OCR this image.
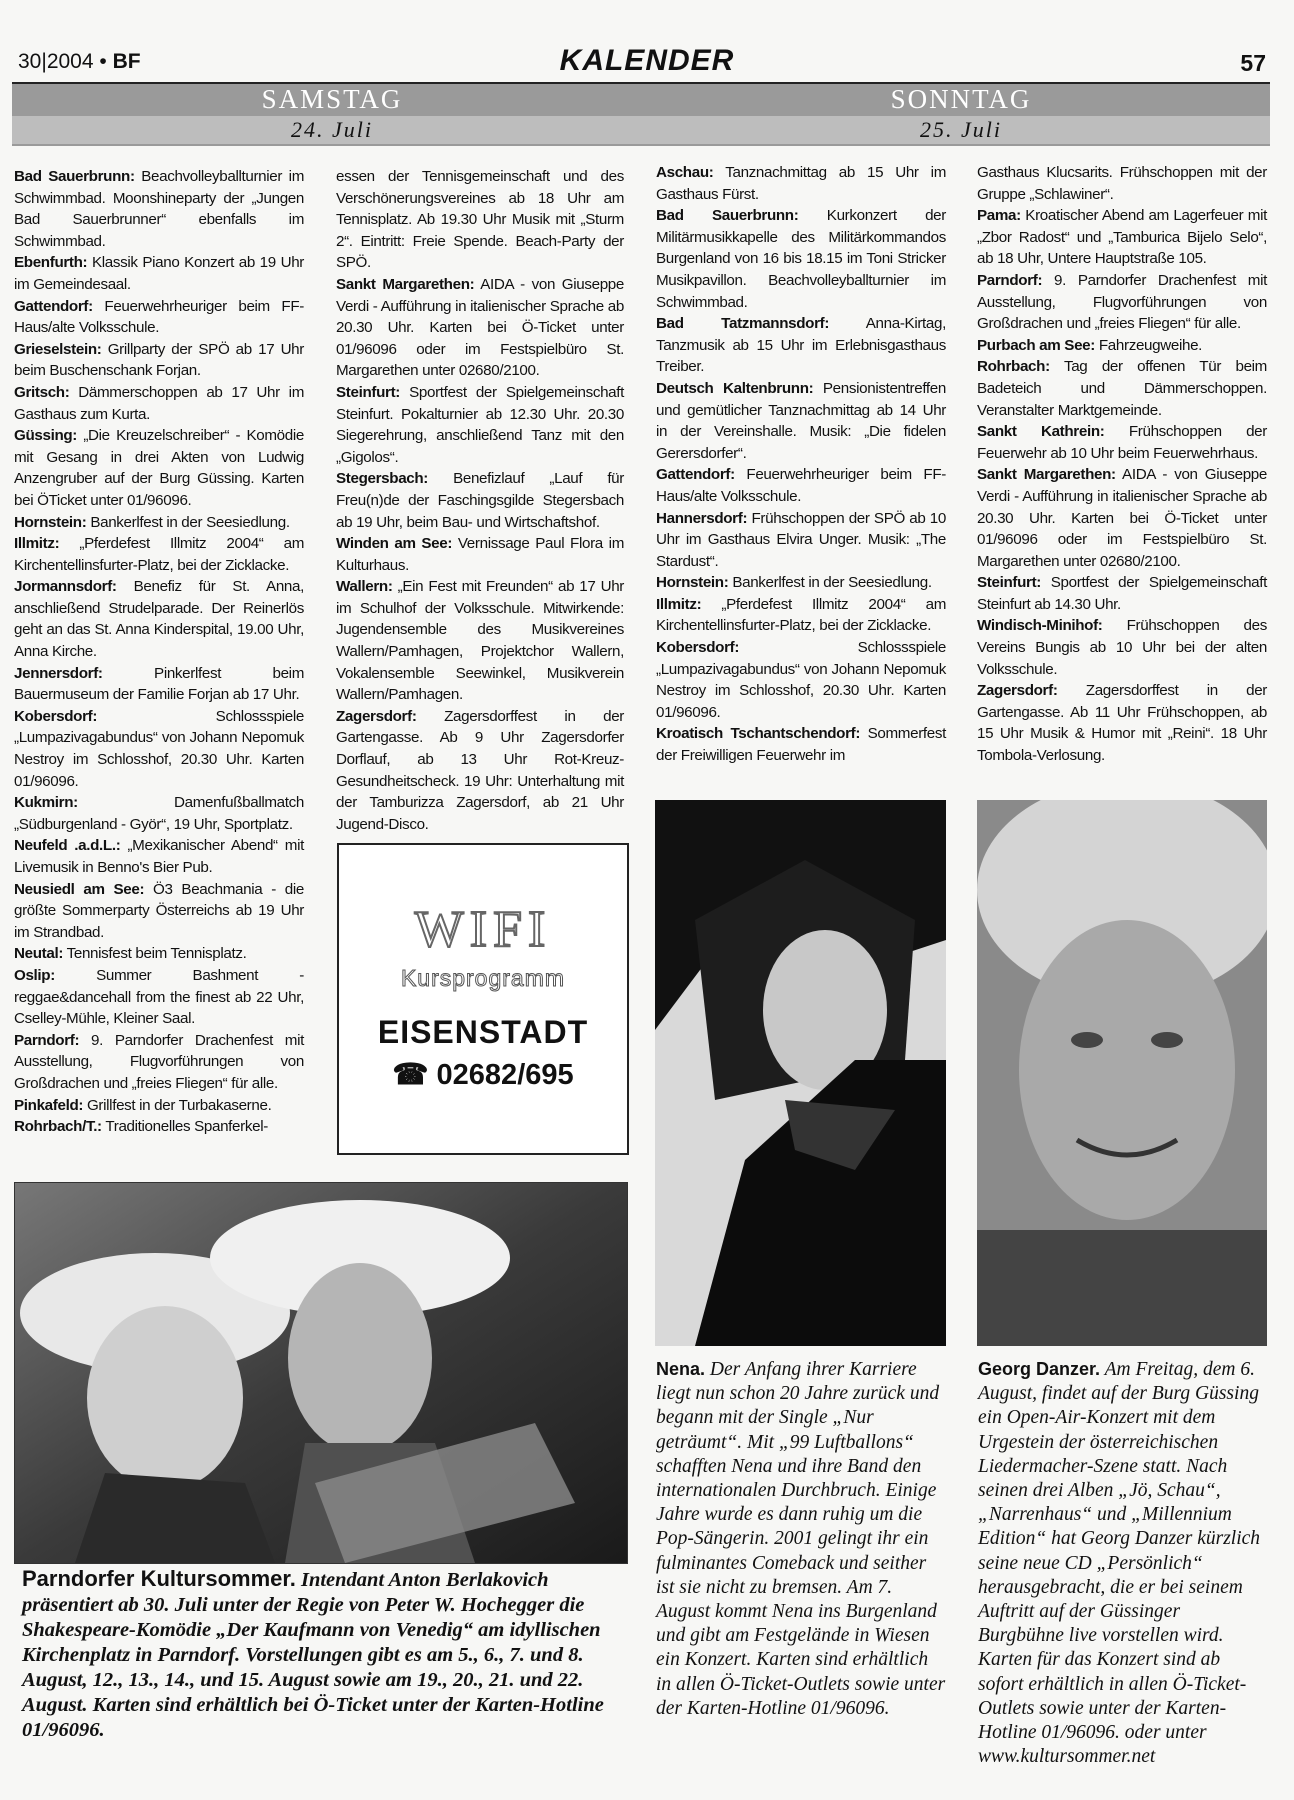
30|2004 • BF	KALENDER	57
SAMSTAG
24. Juli
SONNTAG
25. Juli

Bad Sauerbrunn: Beachvolleyballturnier im Schwimmbad. Moonshineparty der „Jungen Bad Sauerbrunner“ ebenfalls im Schwimmbad.

Ebenfurth: Klassik Piano Konzert ab 19 Uhr im Gemeindesaal.

Gattendorf: Feuerwehrheuriger beim FF-Haus/alte Volksschule.

Grieselstein: Grillparty der SPÖ ab 17 Uhr beim Buschenschank Forjan.

Gritsch: Dämmerschoppen ab 17 Uhr im Gasthaus zum Kurta.

Güssing: „Die Kreuzelschreiber“ - Komödie mit Gesang in drei Akten von Ludwig Anzengruber auf der Burg Güssing. Karten bei ÖTicket unter 01/96096.

Hornstein: Bankerlfest in der Seesiedlung.

Illmitz: „Pferdefest Illmitz 2004“ am Kirchentellinsfurter-Platz, bei der Zicklacke.

Jormannsdorf: Benefiz für St. Anna, anschließend Strudelparade. Der Reinerlös geht an das St. Anna Kinderspital, 19.00 Uhr, Anna Kirche.

Jennersdorf: Pinkerlfest beim Bauermuseum der Familie Forjan ab 17 Uhr.

Kobersdorf: Schlossspiele „Lumpazivagabundus“ von Johann Nepomuk Nestroy im Schlosshof, 20.30 Uhr. Karten 01/96096.

Kukmirn: Damenfußballmatch „Südburgenland - Györ“, 19 Uhr, Sportplatz.

Neufeld .a.d.L.: „Mexikanischer Abend“ mit Livemusik in Benno's Bier Pub.

Neusiedl am See: Ö3 Beachmania - die größte Sommerparty Österreichs ab 19 Uhr im Strandbad.

Neutal: Tennisfest beim Tennisplatz.

Oslip: Summer Bashment - reggae&dancehall from the finest ab 22 Uhr, Cselley-Mühle, Kleiner Saal.

Parndorf: 9. Parndorfer Drachenfest mit Ausstellung, Flugvorführungen von Großdrachen und „freies Fliegen“ für alle.

Pinkafeld: Grillfest in der Turbakaserne.

Rohrbach/T.: Traditionelles Spanferkel-

essen der Tennisgemeinschaft und des Verschönerungsvereines ab 18 Uhr am Tennisplatz. Ab 19.30 Uhr Musik mit „Sturm 2“. Eintritt: Freie Spende. Beach-Party der SPÖ.

Sankt Margarethen: AIDA - von Giuseppe Verdi - Aufführung in italienischer Sprache ab 20.30 Uhr. Karten bei Ö-Ticket unter 01/96096 oder im Festspielbüro St. Margarethen unter 02680/2100.

Steinfurt: Sportfest der Spielgemeinschaft Steinfurt. Pokalturnier ab 12.30 Uhr. 20.30 Siegerehrung, anschließend Tanz mit den „Gigolos“.

Stegersbach: Benefizlauf „Lauf für Freu(n)de der Faschingsgilde Stegersbach ab 19 Uhr, beim Bau- und Wirtschaftshof.

Winden am See: Vernissage Paul Flora im Kulturhaus.

Wallern: „Ein Fest mit Freunden“ ab 17 Uhr im Schulhof der Volksschule. Mitwirkende: Jugendensemble des Musikvereines Wallern/Pamhagen, Projektchor Wallern, Vokalensemble Seewinkel, Musikverein Wallern/Pamhagen.

Zagersdorf: Zagersdorffest in der Gartengasse. Ab 9 Uhr Zagersdorfer Dorflauf, ab 13 Uhr Rot-Kreuz-Gesundheitscheck. 19 Uhr: Unterhaltung mit der Tamburizza Zagersdorf, ab 21 Uhr Jugend-Disco.

Aschau: Tanznachmittag ab 15 Uhr im Gasthaus Fürst.

Bad Sauerbrunn: Kurkonzert der Militärmusikkapelle des Militärkommandos Burgenland von 16 bis 18.15 im Toni Stricker Musikpavillon. Beachvolleyballturnier im Schwimmbad.

Bad Tatzmannsdorf: Anna-Kirtag, Tanzmusik ab 15 Uhr im Erlebnisgasthaus Treiber.

Deutsch Kaltenbrunn: Pensionistentreffen und gemütlicher Tanznachmittag ab 14 Uhr in der Vereinshalle. Musik: „Die fidelen Gerersdorfer“.

Gattendorf: Feuerwehrheuriger beim FF-Haus/alte Volksschule.

Hannersdorf: Frühschoppen der SPÖ ab 10 Uhr im Gasthaus Elvira Unger. Musik: „The Stardust“.

Hornstein: Bankerlfest in der Seesiedlung.

Illmitz: „Pferdefest Illmitz 2004“ am Kirchentellinsfurter-Platz, bei der Zicklacke.

Kobersdorf: Schlossspiele „Lumpazivagabundus“ von Johann Nepomuk Nestroy im Schlosshof, 20.30 Uhr. Karten 01/96096.

Kroatisch Tschantschendorf: Sommerfest der Freiwilligen Feuerwehr im

Gasthaus Klucsarits. Frühschoppen mit der Gruppe „Schlawiner“.

Pama: Kroatischer Abend am Lagerfeuer mit „Zbor Radost“ und „Tamburica Bijelo Selo“, ab 18 Uhr, Untere Hauptstraße 105.

Parndorf: 9. Parndorfer Drachenfest mit Ausstellung, Flugvorführungen von Großdrachen und „freies Fliegen“ für alle.

Purbach am See: Fahrzeugweihe.

Rohrbach: Tag der offenen Tür beim Badeteich und Dämmerschoppen. Veranstalter Marktgemeinde.

Sankt Kathrein: Frühschoppen der Feuerwehr ab 10 Uhr beim Feuerwehrhaus.

Sankt Margarethen: AIDA - von Giuseppe Verdi - Aufführung in italienischer Sprache ab 20.30 Uhr. Karten bei Ö-Ticket unter 01/96096 oder im Festspielbüro St. Margarethen unter 02680/2100.

Steinfurt: Sportfest der Spielgemeinschaft Steinfurt ab 14.30 Uhr.

Windisch-Minihof: Frühschoppen des Vereins Bungis ab 10 Uhr bei der alten Volksschule.

Zagersdorf: Zagersdorffest in der Gartengasse. Ab 11 Uhr Frühschoppen, ab 15 Uhr Musik & Humor mit „Reini“. 18 Uhr Tombola-Verlosung.

WIFI
Kursprogramm
EISENSTADT
☎ 02682/695
Parndorfer Kultursommer. Intendant Anton Berlakovich präsentiert ab 30. Juli unter der Regie von Peter W. Hochegger die Shakespeare-Komödie „Der Kaufmann von Venedig“ am idyllischen Kirchenplatz in Parndorf. Vorstellungen gibt es am 5., 6., 7. und 8. August, 12., 13., 14., und 15. August sowie am 19., 20., 21. und 22. August. Karten sind erhältlich bei Ö-Ticket unter der Karten-Hotline 01/96096.
Nena. Der Anfang ihrer Karriere liegt nun schon 20 Jahre zurück und begann mit der Single „Nur geträumt“. Mit „99 Luftballons“ schafften Nena und ihre Band den internationalen Durchbruch. Einige Jahre wurde es dann ruhig um die Pop-Sängerin. 2001 gelingt ihr ein fulminantes Comeback und seither ist sie nicht zu bremsen. Am 7. August kommt Nena ins Burgenland und gibt am Festgelände in Wiesen ein Konzert. Karten sind erhältlich in allen Ö-Ticket-Outlets sowie unter der Karten-Hotline 01/96096.
Georg Danzer. Am Freitag, dem 6. August, findet auf der Burg Güssing ein Open-Air-Konzert mit dem Urgestein der österreichischen Liedermacher-Szene statt. Nach seinen drei Alben „Jö, Schau“, „Narrenhaus“ und „Millennium Edition“ hat Georg Danzer kürzlich seine neue CD „Persönlich“ herausgebracht, die er bei seinem Auftritt auf der Güssinger Burgbühne live vorstellen wird. Karten für das Konzert sind ab sofort erhältlich in allen Ö-Ticket-Outlets sowie unter der Karten-Hotline 01/96096. oder unter www.kultursommer.net
